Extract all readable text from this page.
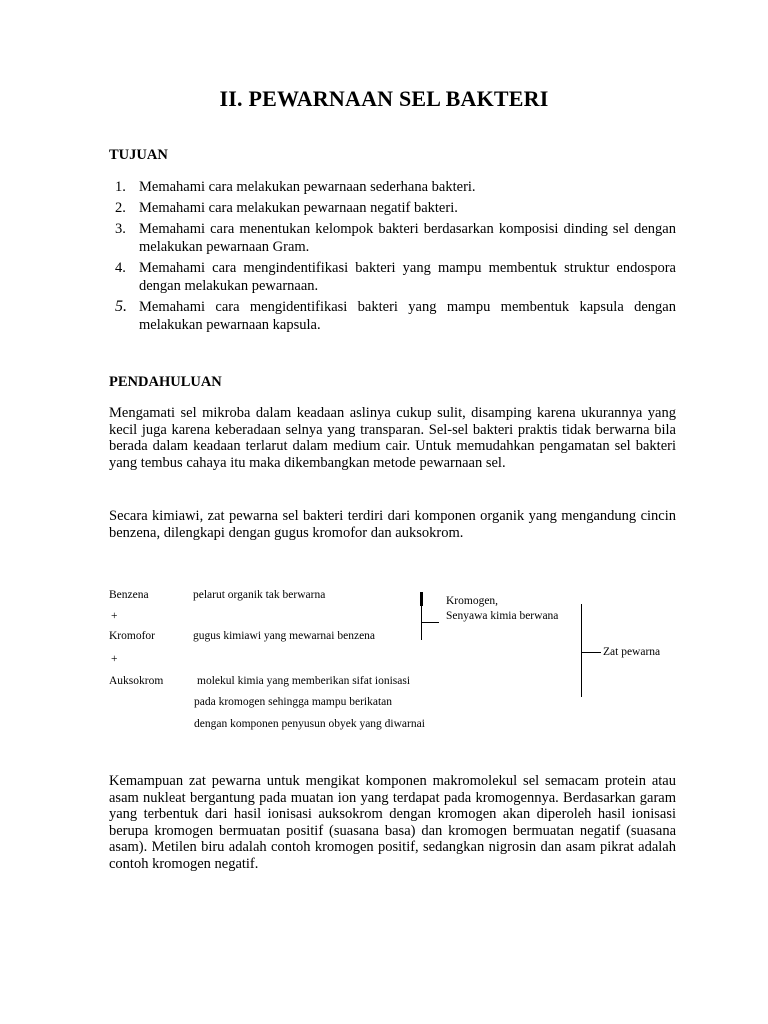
II. PEWARNAAN SEL BAKTERI
TUJUAN
1. Memahami cara melakukan pewarnaan sederhana bakteri.
2. Memahami cara melakukan pewarnaan negatif bakteri.
3. Memahami cara menentukan kelompok bakteri berdasarkan komposisi dinding sel dengan melakukan pewarnaan Gram.
4. Memahami cara mengindentifikasi bakteri yang mampu membentuk struktur endospora dengan melakukan pewarnaan.
5. Memahami cara mengidentifikasi bakteri yang mampu membentuk kapsula dengan melakukan pewarnaan kapsula.
PENDAHULUAN
Mengamati sel mikroba dalam keadaan aslinya cukup sulit, disamping karena ukurannya yang kecil juga karena keberadaan selnya yang transparan. Sel-sel bakteri praktis tidak berwarna bila berada dalam keadaan terlarut dalam medium cair. Untuk memudahkan pengamatan sel bakteri yang tembus cahaya itu maka dikembangkan metode pewarnaan sel.
Secara kimiawi, zat pewarna sel bakteri terdiri dari komponen organik yang mengandung cincin benzena, dilengkapi dengan gugus kromofor dan auksokrom.
Benzena	pelarut organik tak berwarna
+
Kromofor	gugus kimiawi yang mewarnai benzena
+
Auksokrom	molekul kimia yang memberikan sifat ionisasi
pada kromogen sehingga mampu berikatan
dengan komponen penyusun obyek yang diwarnai
Kromogen,
Senyawa kimia berwana
Zat pewarna
Kemampuan zat pewarna untuk mengikat komponen makromolekul sel semacam protein atau asam nukleat bergantung pada muatan ion yang terdapat pada kromogennya. Berdasarkan garam yang terbentuk dari hasil ionisasi auksokrom dengan kromogen akan diperoleh hasil ionisasi berupa kromogen bermuatan positif (suasana basa) dan kromogen bermuatan negatif (suasana asam). Metilen biru adalah contoh kromogen positif, sedangkan nigrosin dan asam pikrat adalah contoh kromogen negatif.
